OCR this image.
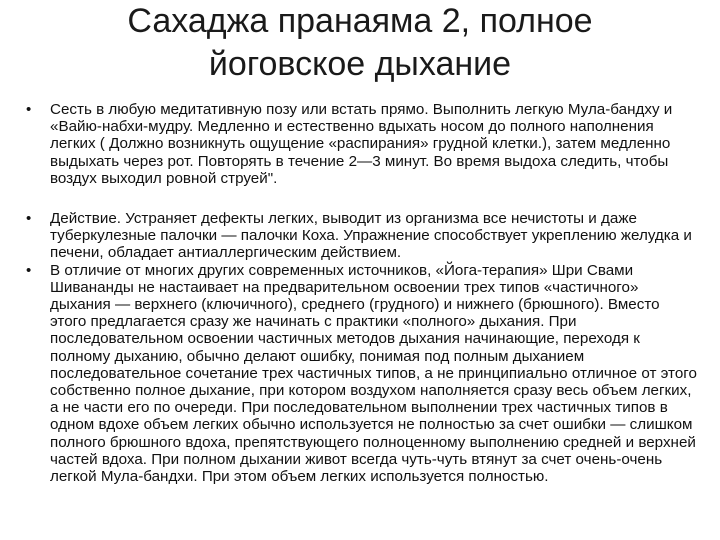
Сахаджа пранаяма 2, полное
йоговское дыхание
• Сесть в любую медитативную позу или встать прямо. Выполнить легкую Мула-бандху и «Вайю-набхи-мудру. Медленно и естественно вдыхать носом до полного наполнения легких ( Должно возникнуть ощущение «распирания» грудной клетки.), затем медленно выдыхать через рот. Повторять в течение 2—3 минут. Во время выдоха следить, чтобы воздух выходил ровной струей".
• Действие. Устраняет дефекты легких, выводит из организма все нечистоты и даже туберкулезные палочки — палочки Коха. Упражнение способствует укреплению желудка и печени, обладает антиаллергическим действием.
• В отличие от многих других современных источников, «Йога-терапия» Шри Свами Шивананды не настаивает на предварительном освоении трех типов «частичного» дыхания — верхнего (ключичного), среднего (грудного) и нижнего (брюшного). Вместо этого предлагается сразу же начинать с практики «полного» дыхания. При последовательном освоении частичных методов дыхания начинающие, переходя к полному дыханию, обычно делают ошибку, понимая под полным дыханием последовательное сочетание трех частичных типов, а не принципиально отличное от этого собственно полное дыхание, при котором воздухом наполняется сразу весь объем легких, а не части его по очереди. При последовательном выполнении трех частичных типов в одном вдохе объем легких обычно используется не полностью за счет ошибки — слишком полного брюшного вдоха, препятствующего полноценному выполнению средней и верхней частей вдоха. При полном дыхании живот всегда чуть-чуть втянут за счет очень-очень легкой Мула-бандхи. При этом объем легких используется полностью.
